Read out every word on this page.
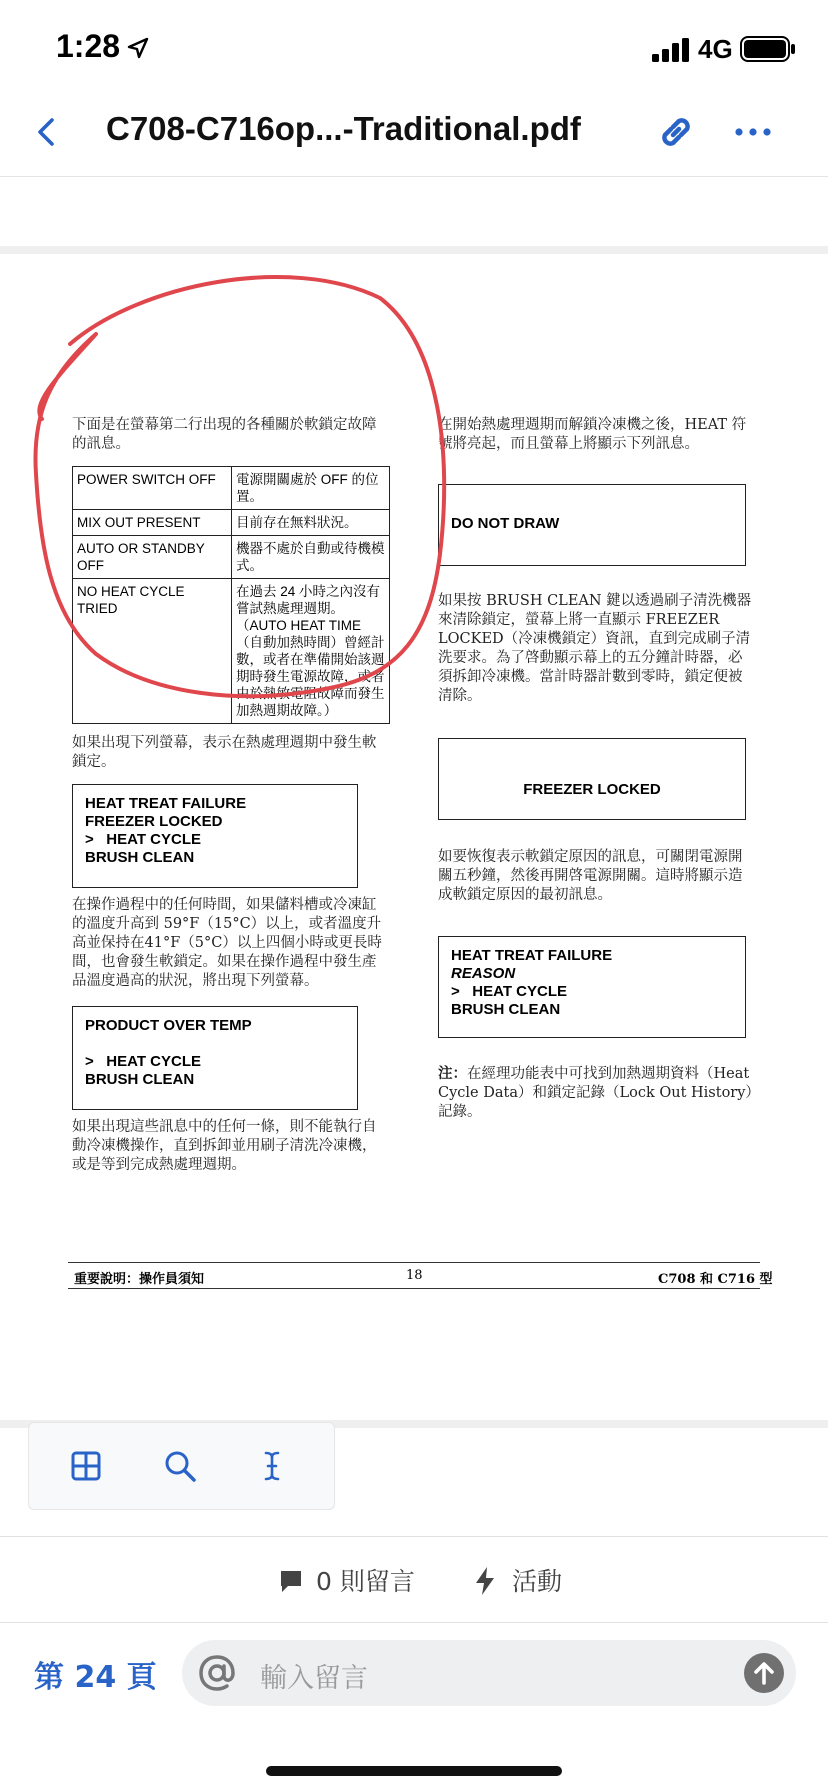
1:28	4G
C708-C716op...-Traditional.pdf
下面是在螢幕第二行出現的各種關於軟鎖定故障的訊息。
POWER SWITCH OFF	電源開關處於 OFF 的位置。
MIX OUT PRESENT	目前存在無料狀況。
AUTO OR STANDBY OFF	機器不處於自動或待機模式。
NO HEAT CYCLE TRIED	在過去 24 小時之內沒有嘗試熱處理週期。（AUTO HEAT TIME（自動加熱時間）曾經計數，或者在準備開始該週期時發生電源故障，或者由於熱敏電阻故障而發生加熱週期故障。）
如果出現下列螢幕，表示在熱處理週期中發生軟鎖定。
HEAT TREAT FAILURE
FREEZER LOCKED
>   HEAT CYCLE
BRUSH CLEAN
在操作過程中的任何時間，如果儲料槽或冷凍缸的溫度升高到 59°F（15°C）以上，或者溫度升高並保持在41°F（5°C）以上四個小時或更長時間，也會發生軟鎖定。如果在操作過程中發生產品溫度過高的狀況，將出現下列螢幕。
PRODUCT OVER TEMP

>   HEAT CYCLE
BRUSH CLEAN
如果出現這些訊息中的任何一條，則不能執行自動冷凍機操作，直到拆卸並用刷子清洗冷凍機，或是等到完成熱處理週期。
在開始熱處理週期而解鎖冷凍機之後，HEAT 符號將亮起，而且螢幕上將顯示下列訊息。
DO NOT DRAW
如果按 BRUSH CLEAN 鍵以透過刷子清洗機器來清除鎖定，螢幕上將一直顯示 FREEZER LOCKED（冷凍機鎖定）資訊，直到完成刷子清洗要求。為了啓動顯示幕上的五分鐘計時器，必須拆卸冷凍機。當計時器計數到零時，鎖定便被清除。
FREEZER LOCKED
如要恢復表示軟鎖定原因的訊息，可關閉電源開關五秒鐘，然後再開啓電源開關。這時將顯示造成軟鎖定原因的最初訊息。
HEAT TREAT FAILURE
REASON
>   HEAT CYCLE
BRUSH CLEAN
注：在經理功能表中可找到加熱週期資料（Heat Cycle Data）和鎖定記錄（Lock Out History）記錄。
重要說明：操作員須知	18	C708 和 C716 型
0 則留言	活動
第 24 頁	輸入留言
